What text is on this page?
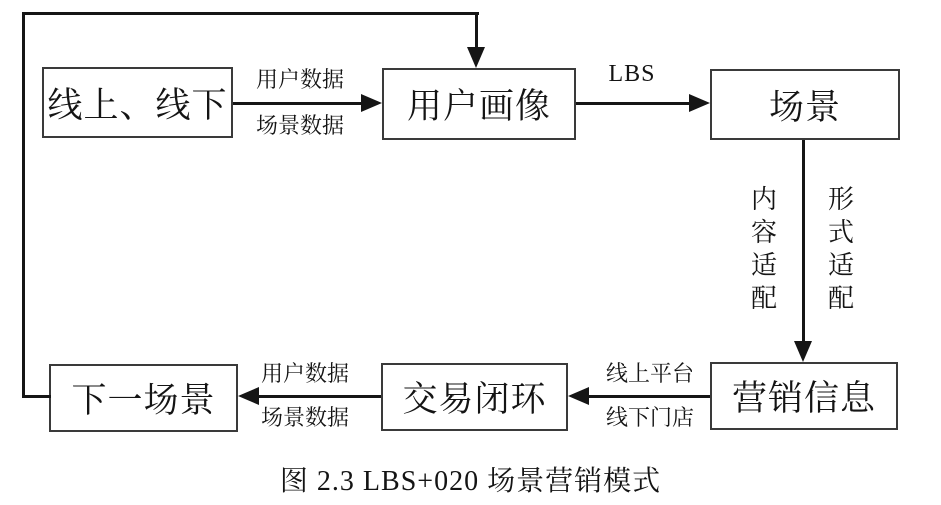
线上、线下	用户画像	场景
营销信息
交易闭环
下一场景
用户数据
场景数据
LBS
内容适配
形式适配
线上平台
线下门店
用户数据
场景数据
图 2.3 LBS+020 场景营销模式
